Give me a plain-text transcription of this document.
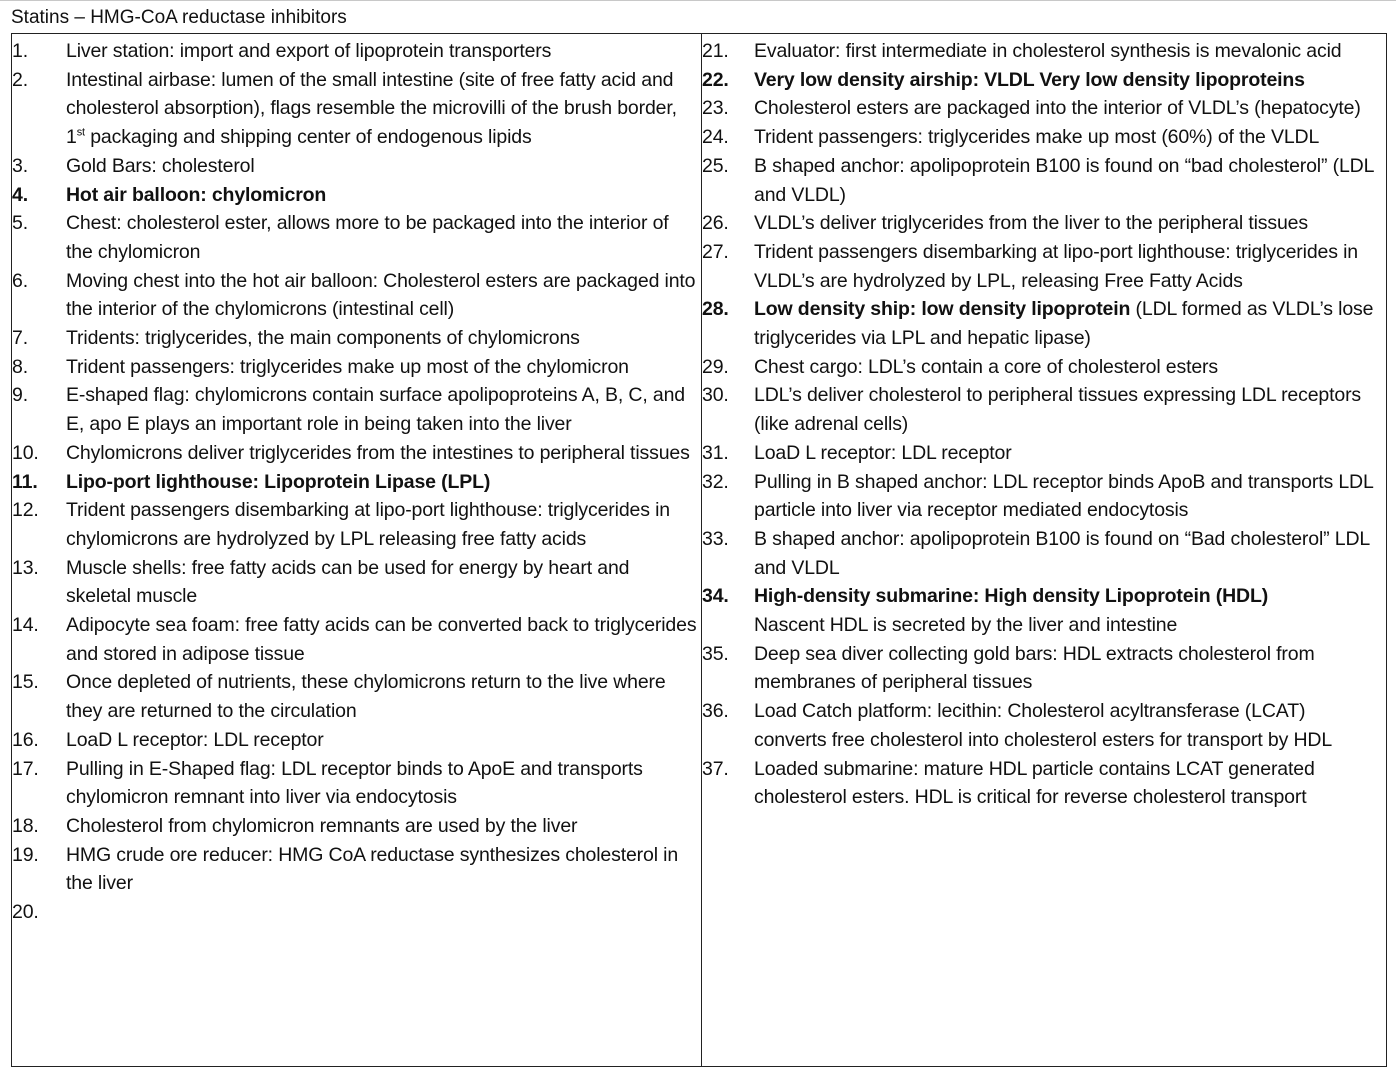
Statins – HMG-CoA reductase inhibitors
1.	Liver station: import and export of lipoprotein transporters
2.	Intestinal airbase: lumen of the small intestine (site of free fatty acid and cholesterol absorption), flags resemble the microvilli of the brush border, 1st packaging and shipping center of endogenous lipids
3.	Gold Bars: cholesterol
4.	Hot air balloon: chylomicron
5.	Chest: cholesterol ester, allows more to be packaged into the interior of the chylomicron
6.	Moving chest into the hot air balloon: Cholesterol esters are packaged into the interior of the chylomicrons (intestinal cell)
7.	Tridents: triglycerides, the main components of chylomicrons
8.	Trident passengers: triglycerides make up most of the chylomicron
9.	E-shaped flag: chylomicrons contain surface apolipoproteins A, B, C, and E, apo E plays an important role in being taken into the liver
10.	Chylomicrons deliver triglycerides from the intestines to peripheral tissues
11.	Lipo-port lighthouse: Lipoprotein Lipase (LPL)
12.	Trident passengers disembarking at lipo-port lighthouse: triglycerides in chylomicrons are hydrolyzed by LPL releasing free fatty acids
13.	Muscle shells: free fatty acids can be used for energy by heart and skeletal muscle
14.	Adipocyte sea foam: free fatty acids can be converted back to triglycerides and stored in adipose tissue
15.	Once depleted of nutrients, these chylomicrons return to the live where they are returned to the circulation
16.	LoaD L receptor: LDL receptor
17.	Pulling in E-Shaped flag: LDL receptor binds to ApoE and transports chylomicron remnant into liver via endocytosis
18.	Cholesterol from chylomicron remnants are used by the liver
19.	HMG crude ore reducer: HMG CoA reductase synthesizes cholesterol in the liver
20.
21.	Evaluator: first intermediate in cholesterol synthesis is mevalonic acid
22.	Very low density airship: VLDL Very low density lipoproteins
23.	Cholesterol esters are packaged into the interior of VLDL’s (hepatocyte)
24.	Trident passengers: triglycerides make up most (60%) of the VLDL
25.	B shaped anchor: apolipoprotein B100 is found on “bad cholesterol” (LDL and VLDL)
26.	VLDL’s deliver triglycerides from the liver to the peripheral tissues
27.	Trident passengers disembarking at lipo-port lighthouse: triglycerides in VLDL’s are hydrolyzed by LPL, releasing Free Fatty Acids
28.	Low density ship: low density lipoprotein (LDL formed as VLDL’s lose triglycerides via LPL and hepatic lipase)
29.	Chest cargo: LDL’s contain a core of cholesterol esters
30.	LDL’s deliver cholesterol to peripheral tissues expressing LDL receptors (like adrenal cells)
31.	LoaD L receptor: LDL receptor
32.	Pulling in B shaped anchor: LDL receptor binds ApoB and transports LDL particle into liver via receptor mediated endocytosis
33.	B shaped anchor: apolipoprotein B100 is found on “Bad cholesterol” LDL and VLDL
34.	High-density submarine: High density Lipoprotein (HDL)
Nascent HDL is secreted by the liver and intestine
35.	Deep sea diver collecting gold bars: HDL extracts cholesterol from membranes of peripheral tissues
36.	Load Catch platform: lecithin: Cholesterol acyltransferase (LCAT) converts free cholesterol into cholesterol esters for transport by HDL
37.	Loaded submarine: mature HDL particle contains LCAT generated cholesterol esters. HDL is critical for reverse cholesterol transport
